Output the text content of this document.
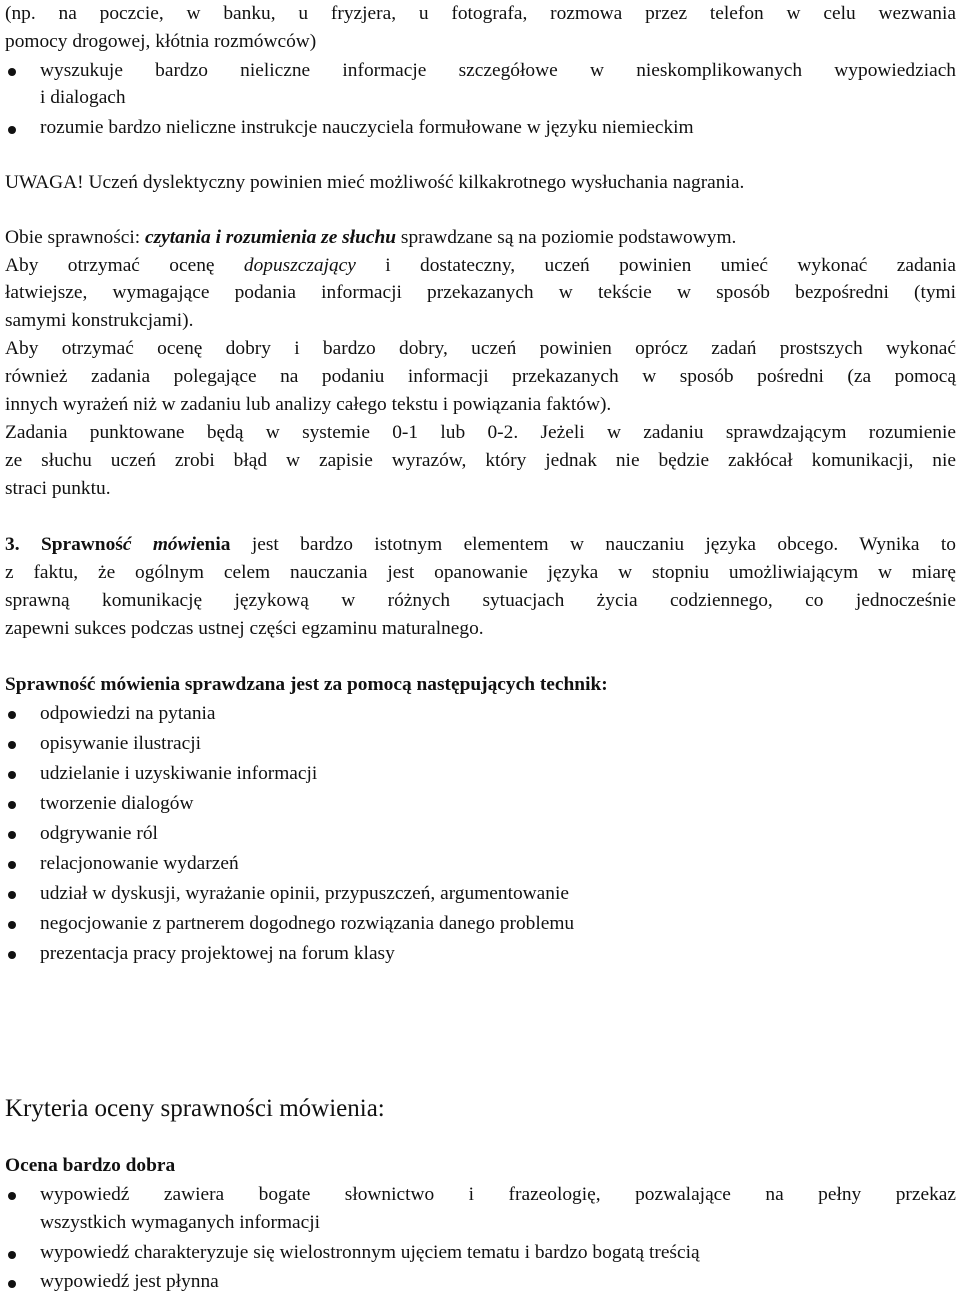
(np. na poczcie, w banku, u fryzjera, u fotografa, rozmowa przez telefon w celu wezwania
pomocy drogowej, kłótnia rozmówców)
wyszukuje bardzo nieliczne informacje szczegółowe w nieskomplikowanych wypowiedziach
i dialogach
rozumie bardzo nieliczne instrukcje nauczyciela formułowane w języku niemieckim
UWAGA! Uczeń dyslektyczny powinien mieć możliwość kilkakrotnego wysłuchania nagrania.
Obie sprawności: czytania i rozumienia ze słuchu sprawdzane są na poziomie podstawowym.
Aby otrzymać ocenę dopuszczający i dostateczny, uczeń powinien umieć wykonać zadania
łatwiejsze, wymagające podania informacji przekazanych w tekście w sposób bezpośredni (tymi
samymi konstrukcjami).
Aby otrzymać ocenę dobry i bardzo dobry, uczeń powinien oprócz zadań prostszych wykonać
również zadania polegające na podaniu informacji przekazanych w sposób pośredni (za pomocą
innych wyrażeń niż w zadaniu lub analizy całego tekstu i powiązania faktów).
Zadania punktowane będą w systemie 0-1 lub 0-2. Jeżeli w zadaniu sprawdzającym rozumienie
ze słuchu uczeń zrobi błąd w zapisie wyrazów, który jednak nie będzie zakłócał komunikacji, nie
straci punktu.
3. Sprawność mówienia jest bardzo istotnym elementem w nauczaniu języka obcego. Wynika to
z faktu, że ogólnym celem nauczania jest opanowanie języka w stopniu umożliwiającym w miarę
sprawną komunikację językową w różnych sytuacjach życia codziennego, co jednocześnie
zapewni sukces podczas ustnej części egzaminu maturalnego.
Sprawność mówienia sprawdzana jest za pomocą następujących technik:
odpowiedzi na pytania
opisywanie ilustracji
udzielanie i uzyskiwanie informacji
tworzenie dialogów
odgrywanie ról
relacjonowanie wydarzeń
udział w dyskusji, wyrażanie opinii, przypuszczeń, argumentowanie
negocjowanie z partnerem dogodnego rozwiązania danego problemu
prezentacja pracy projektowej na forum klasy
Kryteria oceny sprawności mówienia:
Ocena bardzo dobra
wypowiedź zawiera bogate słownictwo i frazeologię, pozwalające na pełny przekaz
wszystkich wymaganych informacji
wypowiedź charakteryzuje się wielostronnym ujęciem tematu i bardzo bogatą treścią
wypowiedź jest płynna
